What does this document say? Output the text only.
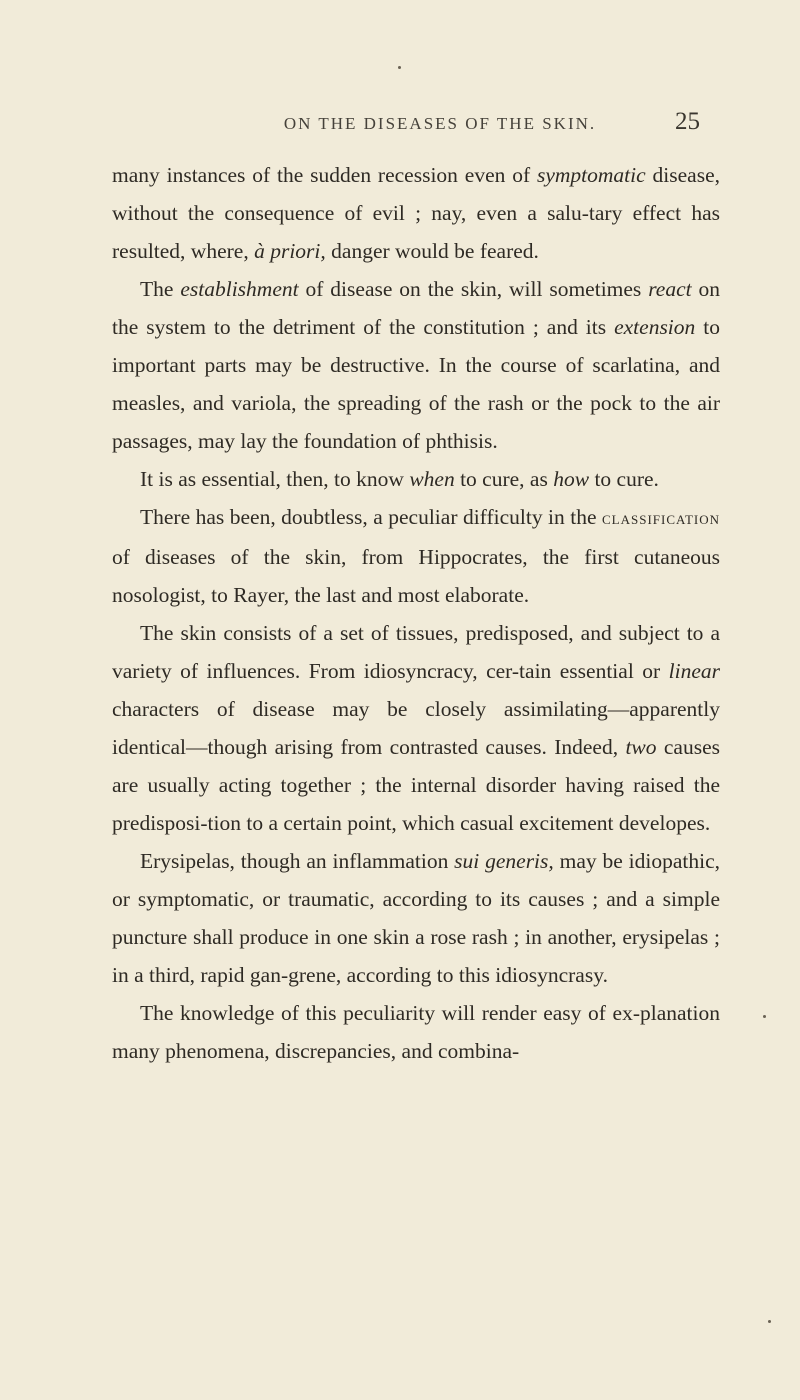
ON THE DISEASES OF THE SKIN.	25

many instances of the sudden recession even of symptomatic disease, without the consequence of evil ; nay, even a salu-tary effect has resulted, where, à priori, danger would be feared.

The establishment of disease on the skin, will sometimes react on the system to the detriment of the constitution ; and its extension to important parts may be destructive. In the course of scarlatina, and measles, and variola, the spreading of the rash or the pock to the air passages, may lay the foundation of phthisis.

It is as essential, then, to know when to cure, as how to cure.

There has been, doubtless, a peculiar difficulty in the classification of diseases of the skin, from Hippocrates, the first cutaneous nosologist, to Rayer, the last and most elaborate.

The skin consists of a set of tissues, predisposed, and subject to a variety of influences. From idiosyncracy, cer-tain essential or linear characters of disease may be closely assimilating—apparently identical—though arising from contrasted causes. Indeed, two causes are usually acting together ; the internal disorder having raised the predisposi-tion to a certain point, which casual excitement developes.

Erysipelas, though an inflammation sui generis, may be idiopathic, or symptomatic, or traumatic, according to its causes ; and a simple puncture shall produce in one skin a rose rash ; in another, erysipelas ; in a third, rapid gan-grene, according to this idiosyncrasy.

The knowledge of this peculiarity will render easy of ex-planation many phenomena, discrepancies, and combina-
